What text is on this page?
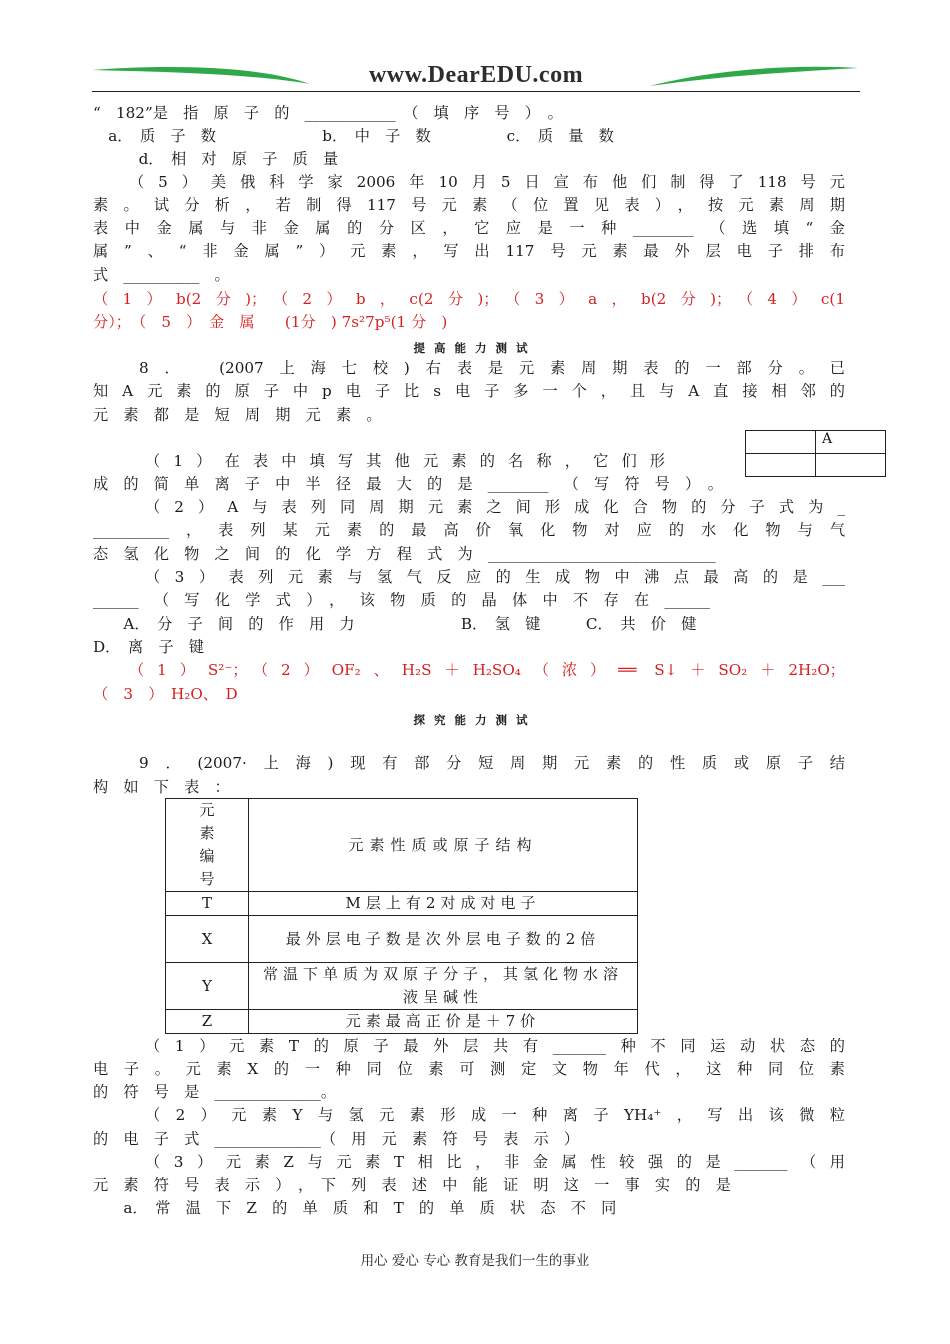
www.DearEDU.com
“　182”是　指　原　子　的　____________　（　填　序　号　）　。
　a．　质　子　数　　　　　　　b．　中　子　数　　　　　c．　质　量　数
　　　d．　相　对　原　子　质　量
（5）美俄科学家2006年10月5日宣布他们制得了118号元
素。试分析，若制得117号元素（位置见表），按元素周期
表中金属与非金属的分区，它应是一种________（选填“金
属”、“非金属”）元素，写出117号元素最外层电子排布
式　__________　。
（1）b(2分)；（2）b，c(2分)；（3）a，b(2分)；（4）c(1
分）；　（　5　）　金　属　　(1分　) 7s²7p⁵(1 分　)
8．　(2007上海七校)右表是元素周期表的一部分。已
知A元素的原子中p电子比s电子多一个，且与A直接相邻的
元　素　都　是　短　周　期　元　素　。
（1）在表中填写其他元素的名称，它们形
成的简单离子中半径最大的是________（写符号）。
（2）A与表列同周期元素之间形成化合物的分子式为_
__________，表列某元素的最高价氧化物对应的水化物与气
态　氢　化　物　之　间　的　化　学　方　程　式　为　______________________________
（3）表列元素与氢气反应的生成物中沸点最高的是___
______（写化学式），该物质的晶体中不存在______
　　A．　分　子　间　的　作　用　力　　　　　　　B．　氢　键　　　C．　共　价　健
D．　离　子　键
（1）S²⁻；（2）OF₂、H₂S＋H₂SO₄（浓）══ S↓＋SO₂＋2H₂O；
（　3　）　H₂O、　D
9．(2007·上海)现有部分短周期元素的性质或原子结
构　如　下　表　：
（1）元素T的原子最外层共有_______种不同运动状态的
电子。元素X的一种同位素可测定文物年代，这种同位素
的　符　号　是　______________。
（2）元素Y与氢元素形成一种离子YH₄⁺，写出该微粒
的　电　子　式　______________（　用　元　素　符　号　表　示　）
（3）元素Z与元素T相比，非金属性较强的是_______（用
元　素　符　号　表　示　）　，　下　列　表　述　中　能　证　明　这　一　事　实　的　是
　　a．　常　温　下　Z　的　单　质　和　T　的　单　质　状　态　不　同
提高能力测试
探究能力测试
	A

元素编号	元素性质或原子结构
T	M层上有2对成对电子
X	最外层电子数是次外层电子数的2倍
Y	常温下单质为双原子分子，其氢化物水溶液呈碱性
Z	元素最高正价是＋7价
用心 爱心 专心 教育是我们一生的事业
